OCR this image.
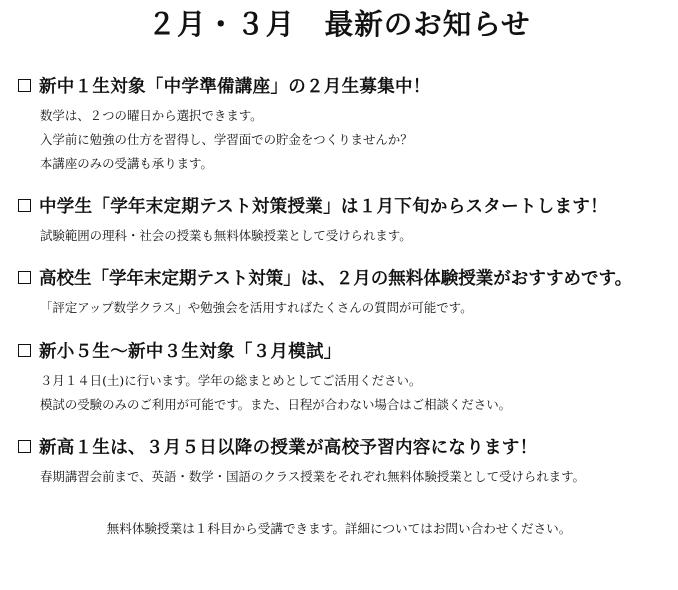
２月・３月　最新のお知らせ
新中１生対象「中学準備講座」の２月生募集中！
数学は、２つの曜日から選択できます。
入学前に勉強の仕方を習得し、学習面での貯金をつくりませんか？
本講座のみの受講も承ります。
中学生「学年末定期テスト対策授業」は１月下旬からスタートします！
試験範囲の理科・社会の授業も無料体験授業として受けられます。
高校生「学年末定期テスト対策」は、２月の無料体験授業がおすすめです。
「評定アップ数学クラス」や勉強会を活用すればたくさんの質問が可能です。
新小５生〜新中３生対象「３月模試」
３月１４日(土)に行います。学年の総まとめとしてご活用ください。
模試の受験のみのご利用が可能です。また、日程が合わない場合はご相談ください。
新高１生は、３月５日以降の授業が高校予習内容になります！
春期講習会前まで、英語・数学・国語のクラス授業をそれぞれ無料体験授業として受けられます。
無料体験授業は１科目から受講できます。詳細についてはお問い合わせください。
